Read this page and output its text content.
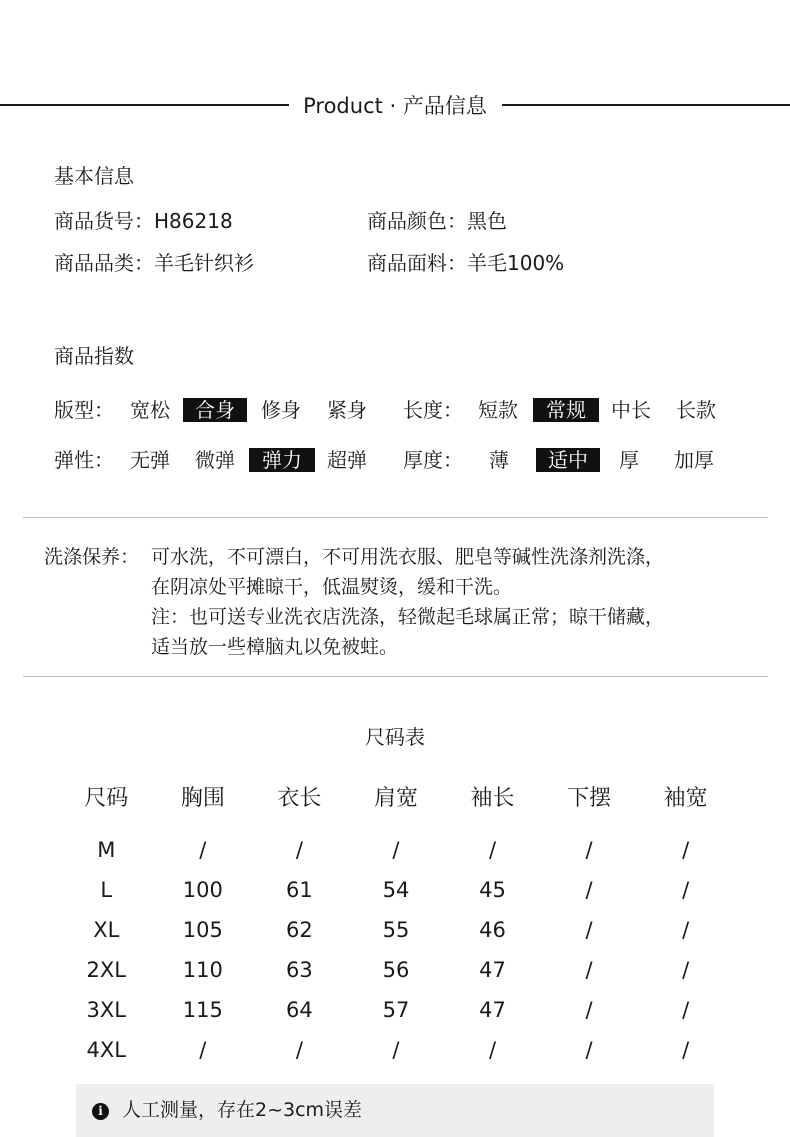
Product · 产品信息
基本信息
商品货号：H86218	商品颜色：黑色
商品品类：羊毛针织衫	商品面料：羊毛100%
商品指数
版型： 宽松	合身	修身 紧身 长度： 短款	常规	中长 长款
弹性： 无弹 微弹	弹力	超弹 厚度： 薄	适中	厚 加厚
洗涤保养： 可水洗，不可漂白，不可用洗衣服、肥皂等碱性洗涤剂洗涤，
在阴凉处平摊晾干，低温熨烫，缓和干洗。
注：也可送专业洗衣店洗涤，轻微起毛球属正常；晾干储藏，
适当放一些樟脑丸以免被蛀。
尺码表
尺码	胸围	衣长	肩宽	袖长	下摆	袖宽

M	/	/	/	/	/	/
L	100	61	54	45	/	/
XL	105	62	55	46	/	/
2XL	110	63	56	47	/	/
3XL	115	64	57	47	/	/
4XL	/	/	/	/	/	/
i	人工测量，存在2~3cm误差
